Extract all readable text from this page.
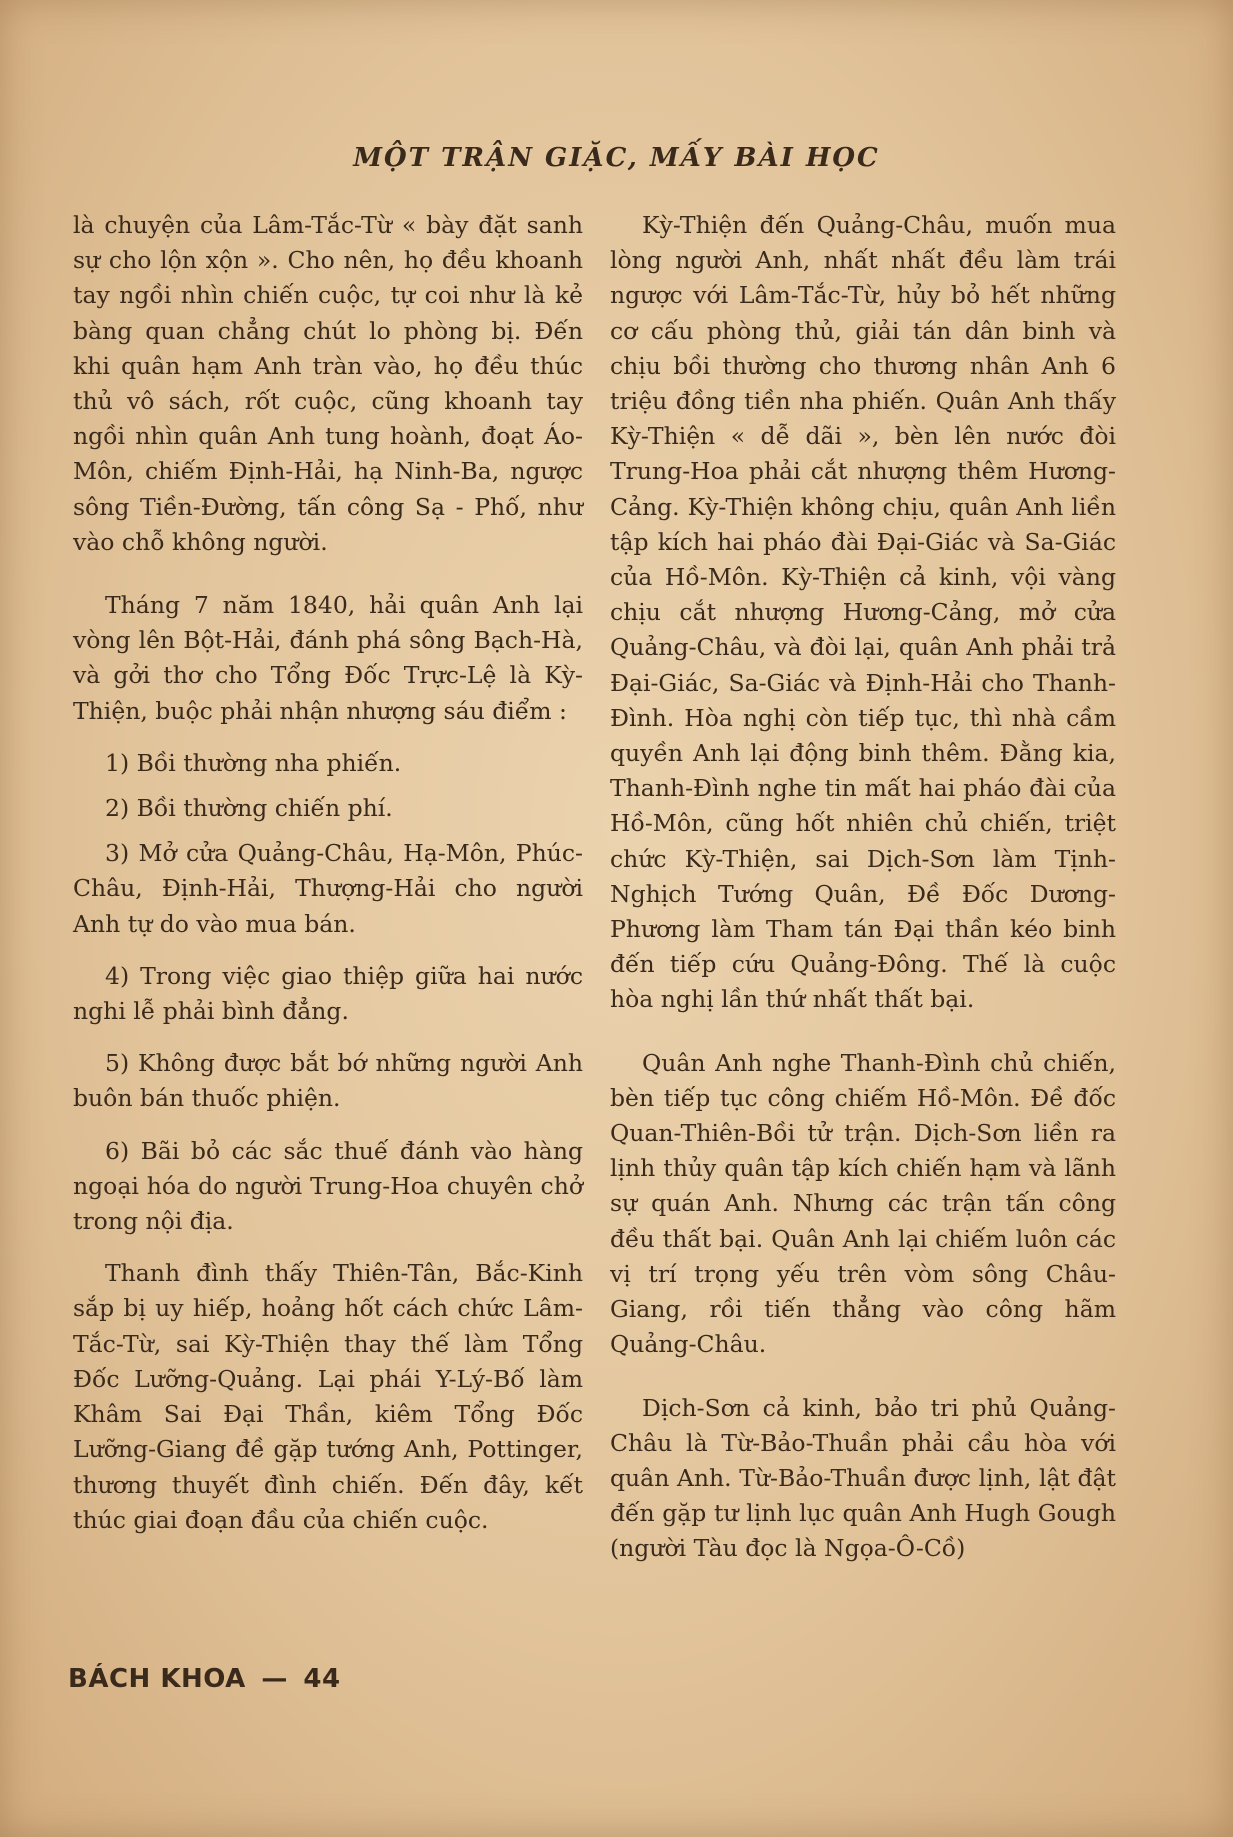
MỘT TRẬN GIẶC, MẤY BÀI HỌC

là chuyện của Lâm-Tắc-Từ « bày đặt sanh sự cho lộn xộn ». Cho nên, họ đều khoanh tay ngồi nhìn chiến cuộc, tự coi như là kẻ bàng quan chẳng chút lo phòng bị. Đến khi quân hạm Anh tràn vào, họ đều thúc thủ vô sách, rốt cuộc, cũng khoanh tay ngồi nhìn quân Anh tung hoành, đoạt Áo-Môn, chiếm Định-Hải, hạ Ninh-Ba, ngược sông Tiền-Đường, tấn công Sạ - Phố, như vào chỗ không người.

Tháng 7 năm 1840, hải quân Anh lại vòng lên Bột-Hải, đánh phá sông Bạch-Hà, và gởi thơ cho Tổng Đốc Trực-Lệ là Kỳ-Thiện, buộc phải nhận nhượng sáu điểm :

1) Bồi thường nha phiến.

2) Bồi thường chiến phí.

3) Mở cửa Quảng-Châu, Hạ-Môn, Phúc-Châu, Định-Hải, Thượng-Hải cho người Anh tự do vào mua bán.

4) Trong việc giao thiệp giữa hai nước nghi lễ phải bình đẳng.

5) Không được bắt bớ những người Anh buôn bán thuốc phiện.

6) Bãi bỏ các sắc thuế đánh vào hàng ngoại hóa do người Trung-Hoa chuyên chở trong nội địa.

Thanh đình thấy Thiên-Tân, Bắc-Kinh sắp bị uy hiếp, hoảng hốt cách chức Lâm-Tắc-Từ, sai Kỳ-Thiện thay thế làm Tổng Đốc Lưỡng-Quảng. Lại phái Y-Lý-Bố làm Khâm Sai Đại Thần, kiêm Tổng Đốc Lưỡng-Giang đề gặp tướng Anh, Pottinger, thương thuyết đình chiến. Đến đây, kết thúc giai đoạn đầu của chiến cuộc.

Kỳ-Thiện đến Quảng-Châu, muốn mua lòng người Anh, nhất nhất đều làm trái ngược với Lâm-Tắc-Từ, hủy bỏ hết những cơ cấu phòng thủ, giải tán dân binh và chịu bồi thường cho thương nhân Anh 6 triệu đồng tiền nha phiến. Quân Anh thấy Kỳ-Thiện « dễ dãi », bèn lên nước đòi Trung-Hoa phải cắt nhượng thêm Hương-Cảng. Kỳ-Thiện không chịu, quân Anh liền tập kích hai pháo đài Đại-Giác và Sa-Giác của Hồ-Môn. Kỳ-Thiện cả kinh, vội vàng chịu cắt nhượng Hương-Cảng, mở cửa Quảng-Châu, và đòi lại, quân Anh phải trả Đại-Giác, Sa-Giác và Định-Hải cho Thanh-Đình. Hòa nghị còn tiếp tục, thì nhà cầm quyền Anh lại động binh thêm. Đằng kia, Thanh-Đình nghe tin mất hai pháo đài của Hồ-Môn, cũng hốt nhiên chủ chiến, triệt chức Kỳ-Thiện, sai Dịch-Sơn làm Tịnh-Nghịch Tướng Quân, Đề Đốc Dương-Phương làm Tham tán Đại thần kéo binh đến tiếp cứu Quảng-Đông. Thế là cuộc hòa nghị lần thứ nhất thất bại.

Quân Anh nghe Thanh-Đình chủ chiến, bèn tiếp tục công chiếm Hồ-Môn. Đề đốc Quan-Thiên-Bồi tử trận. Dịch-Sơn liền ra lịnh thủy quân tập kích chiến hạm và lãnh sự quán Anh. Nhưng các trận tấn công đều thất bại. Quân Anh lại chiếm luôn các vị trí trọng yếu trên vòm sông Châu-Giang, rồi tiến thẳng vào công hãm Quảng-Châu.

Dịch-Sơn cả kinh, bảo tri phủ Quảng-Châu là Từ-Bảo-Thuần phải cầu hòa với quân Anh. Từ-Bảo-Thuần được lịnh, lật đật đến gặp tư lịnh lục quân Anh Hugh Gough (người Tàu đọc là Ngọa-Ô-Cồ)

BÁCH KHOA — 44
